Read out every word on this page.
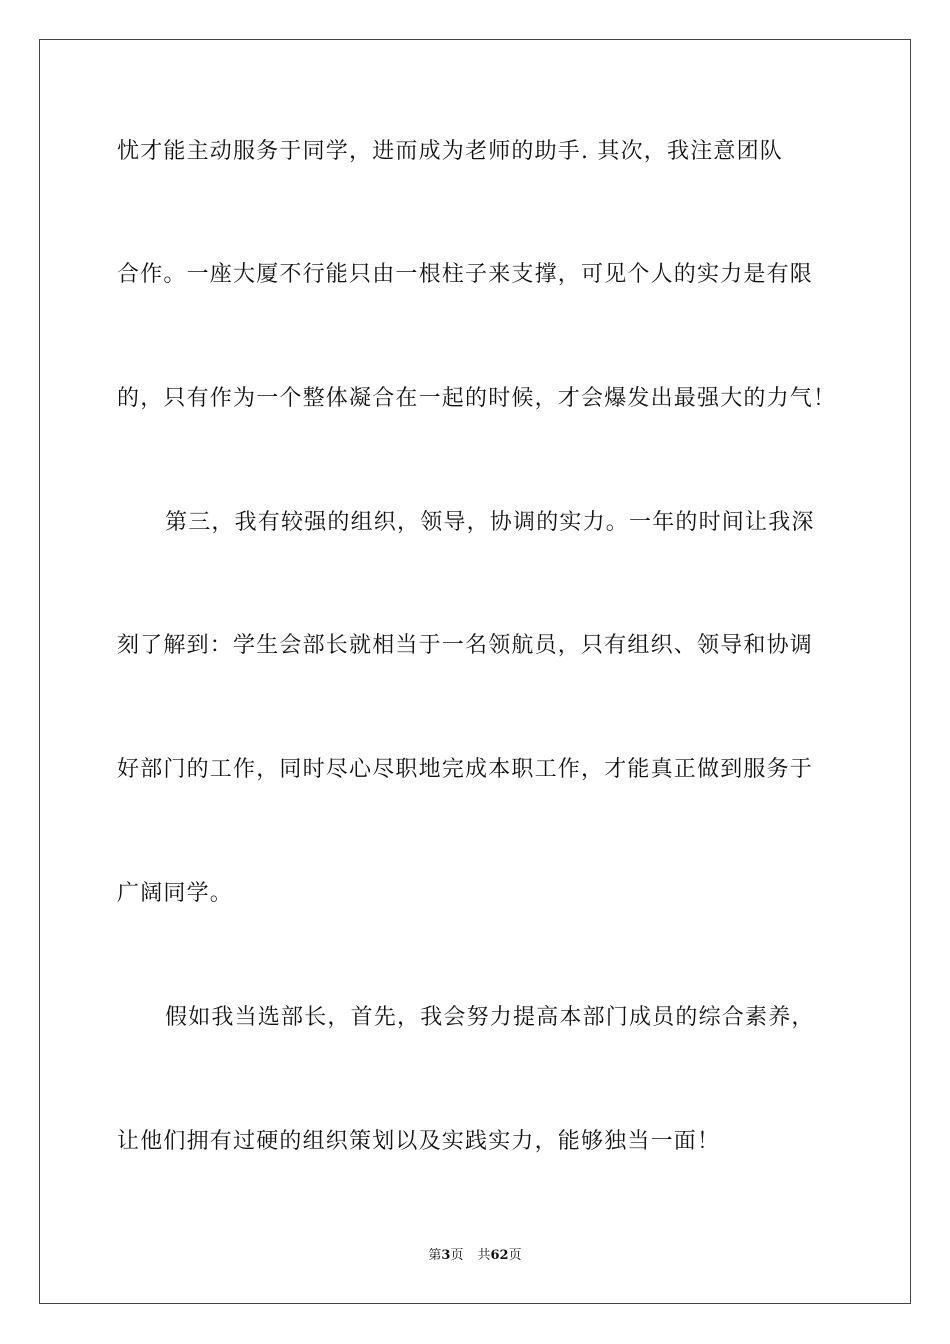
忧才能主动服务于同学，进而成为老师的助手. 其次，我注意团队
合作。一座大厦不行能只由一根柱子来支撑，可见个人的实力是有限
的，只有作为一个整体凝合在一起的时候，才会爆发出最强大的力气！
第三，我有较强的组织，领导，协调的实力。一年的时间让我深
刻了解到：学生会部长就相当于一名领航员，只有组织、领导和协调
好部门的工作，同时尽心尽职地完成本职工作，才能真正做到服务于
广阔同学。
假如我当选部长，首先，我会努力提高本部门成员的综合素养，
让他们拥有过硬的组织策划以及实践实力，能够独当一面！
第3页 共62页
